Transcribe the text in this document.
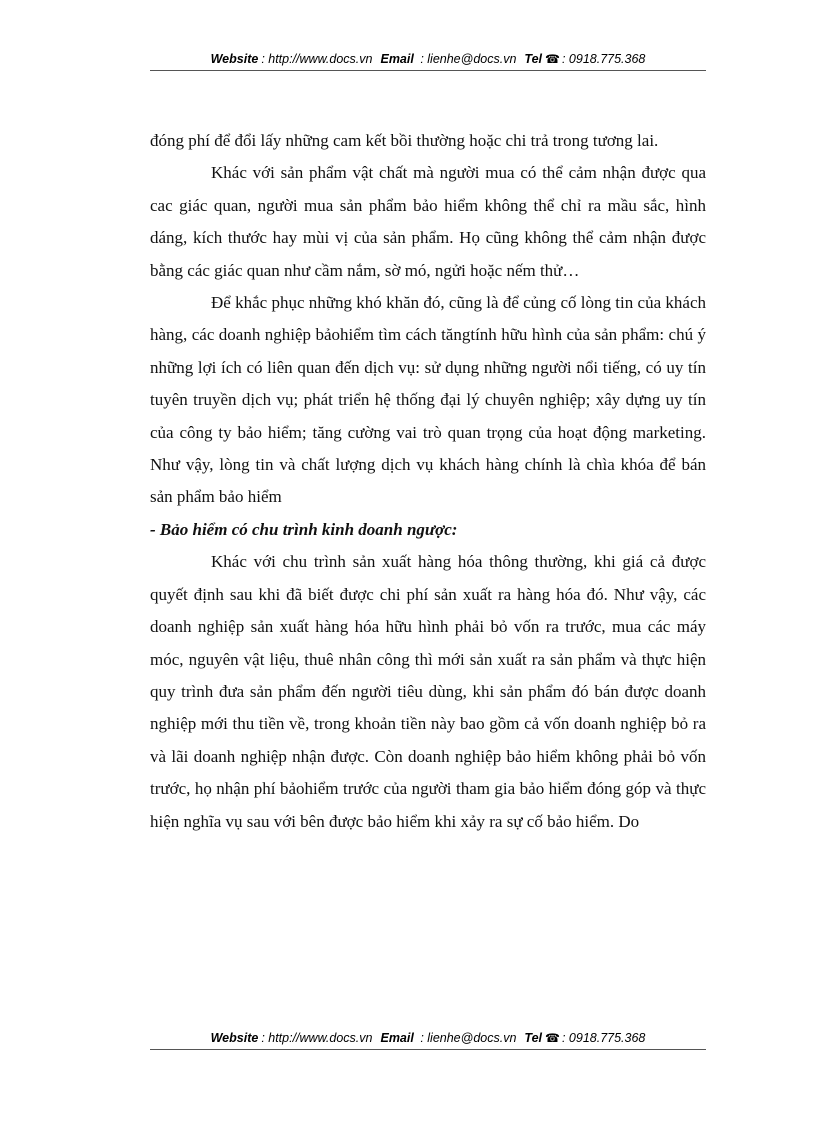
Website : http://www.docs.vn Email : lienhe@docs.vn Tel ☎ : 0918.775.368

đóng phí để đổi lấy những cam kết bồi thường hoặc chi trả trong tương lai.

Khác với sản phẩm vật chất mà người mua có thể cảm nhận được qua cac giác quan, người mua sản phẩm bảo hiểm không thể chỉ ra mầu sắc, hình dáng, kích thước hay mùi vị của sản phẩm. Họ cũng không thể cảm nhận được bằng các giác quan như cầm nắm, sờ mó, ngửi hoặc nếm thử…

Để khắc phục những khó khăn đó, cũng là để củng cố lòng tin của khách hàng, các doanh nghiệp bảohiểm tìm cách tăngtính hữu hình của sản phẩm: chú ý những lợi ích có liên quan đến dịch vụ: sử dụng những người nổi tiếng, có uy tín tuyên truyền dịch vụ; phát triển hệ thống đại lý chuyên nghiệp; xây dựng uy tín của công ty bảo hiểm; tăng cường vai trò quan trọng của hoạt động marketing. Như vậy, lòng tin và chất lượng dịch vụ khách hàng chính là chìa khóa để bán sản phẩm bảo hiểm

- Bảo hiểm có chu trình kinh doanh ngược:

Khác với chu trình sản xuất hàng hóa thông thường, khi giá cả được quyết định sau khi đã biết được chi phí sản xuất ra hàng hóa đó. Như vậy, các doanh nghiệp sản xuất hàng hóa hữu hình phải bỏ vốn ra trước, mua các máy móc, nguyên vật liệu, thuê nhân công thì mới sản xuất ra sản phẩm và thực hiện quy trình đưa sản phẩm đến người tiêu dùng, khi sản phẩm đó bán được doanh nghiệp mới thu tiền về, trong khoản tiền này bao gồm cả vốn doanh nghiệp bỏ ra và lãi doanh nghiệp nhận được. Còn doanh nghiệp bảo hiểm không phải bỏ vốn trước, họ nhận phí bảohiểm trước của người tham gia bảo hiểm đóng góp và thực hiện nghĩa vụ sau với bên được bảo hiểm khi xảy ra sự cố bảo hiểm. Do

Website : http://www.docs.vn Email : lienhe@docs.vn Tel ☎ : 0918.775.368
